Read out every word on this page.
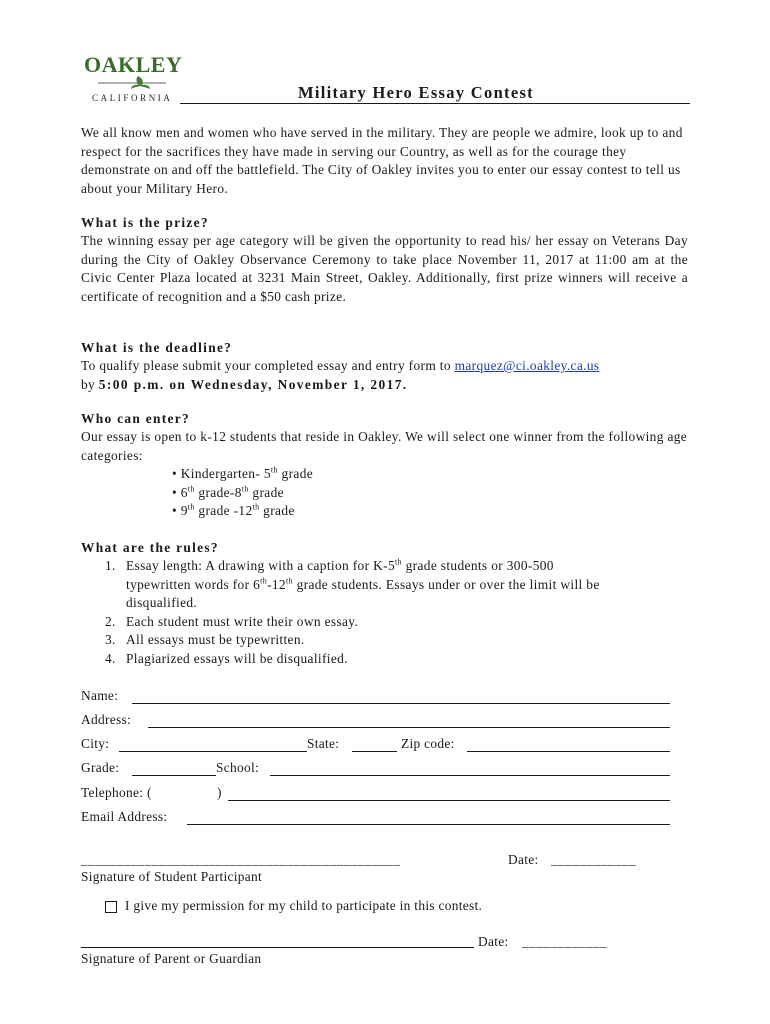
OAKLEY
CALIFORNIA	Military Hero Essay Contest

We all know men and women who have served in the military. They are people we admire, look up to and respect for the sacrifices they have made in serving our Country, as well as for the courage they demonstrate on and off the battlefield. The City of Oakley invites you to enter our essay contest to tell us about your Military Hero.

What is the prize?

The winning essay per age category will be given the opportunity to read his/ her essay on Veterans Day during the City of Oakley Observance Ceremony to take place November 11, 2017 at 11:00 am at the Civic Center Plaza located at 3231 Main Street, Oakley. Additionally, first prize winners will receive a certificate of recognition and a $50 cash prize.

What is the deadline?
To qualify please submit your completed essay and entry form to marquez@ci.oakley.ca.us
by 5:00 p.m. on Wednesday, November 1, 2017.
Who can enter?

Our essay is open to k-12 students that reside in Oakley. We will select one winner from the following age categories:

• Kindergarten- 5th grade
• 6th grade-8th grade
• 9th grade -12th grade
What are the rules?
1. Essay length: A drawing with a caption for K-5th grade students or 300-500
typewritten words for 6th-12th grade students. Essays under or over the limit will be
disqualified.
2. Each student must write their own essay.
3. All essays must be typewritten.
4. Plagiarized essays will be disqualified.
Name:
Address:
City:	State:	Zip code:
Grade:	School:
Telephone: (	)
Email Address:
_____________________________________________	Date: ____________
Signature of Student Participant
I give my permission for my child to participate in this contest.
Date: ____________
Signature of Parent or Guardian
